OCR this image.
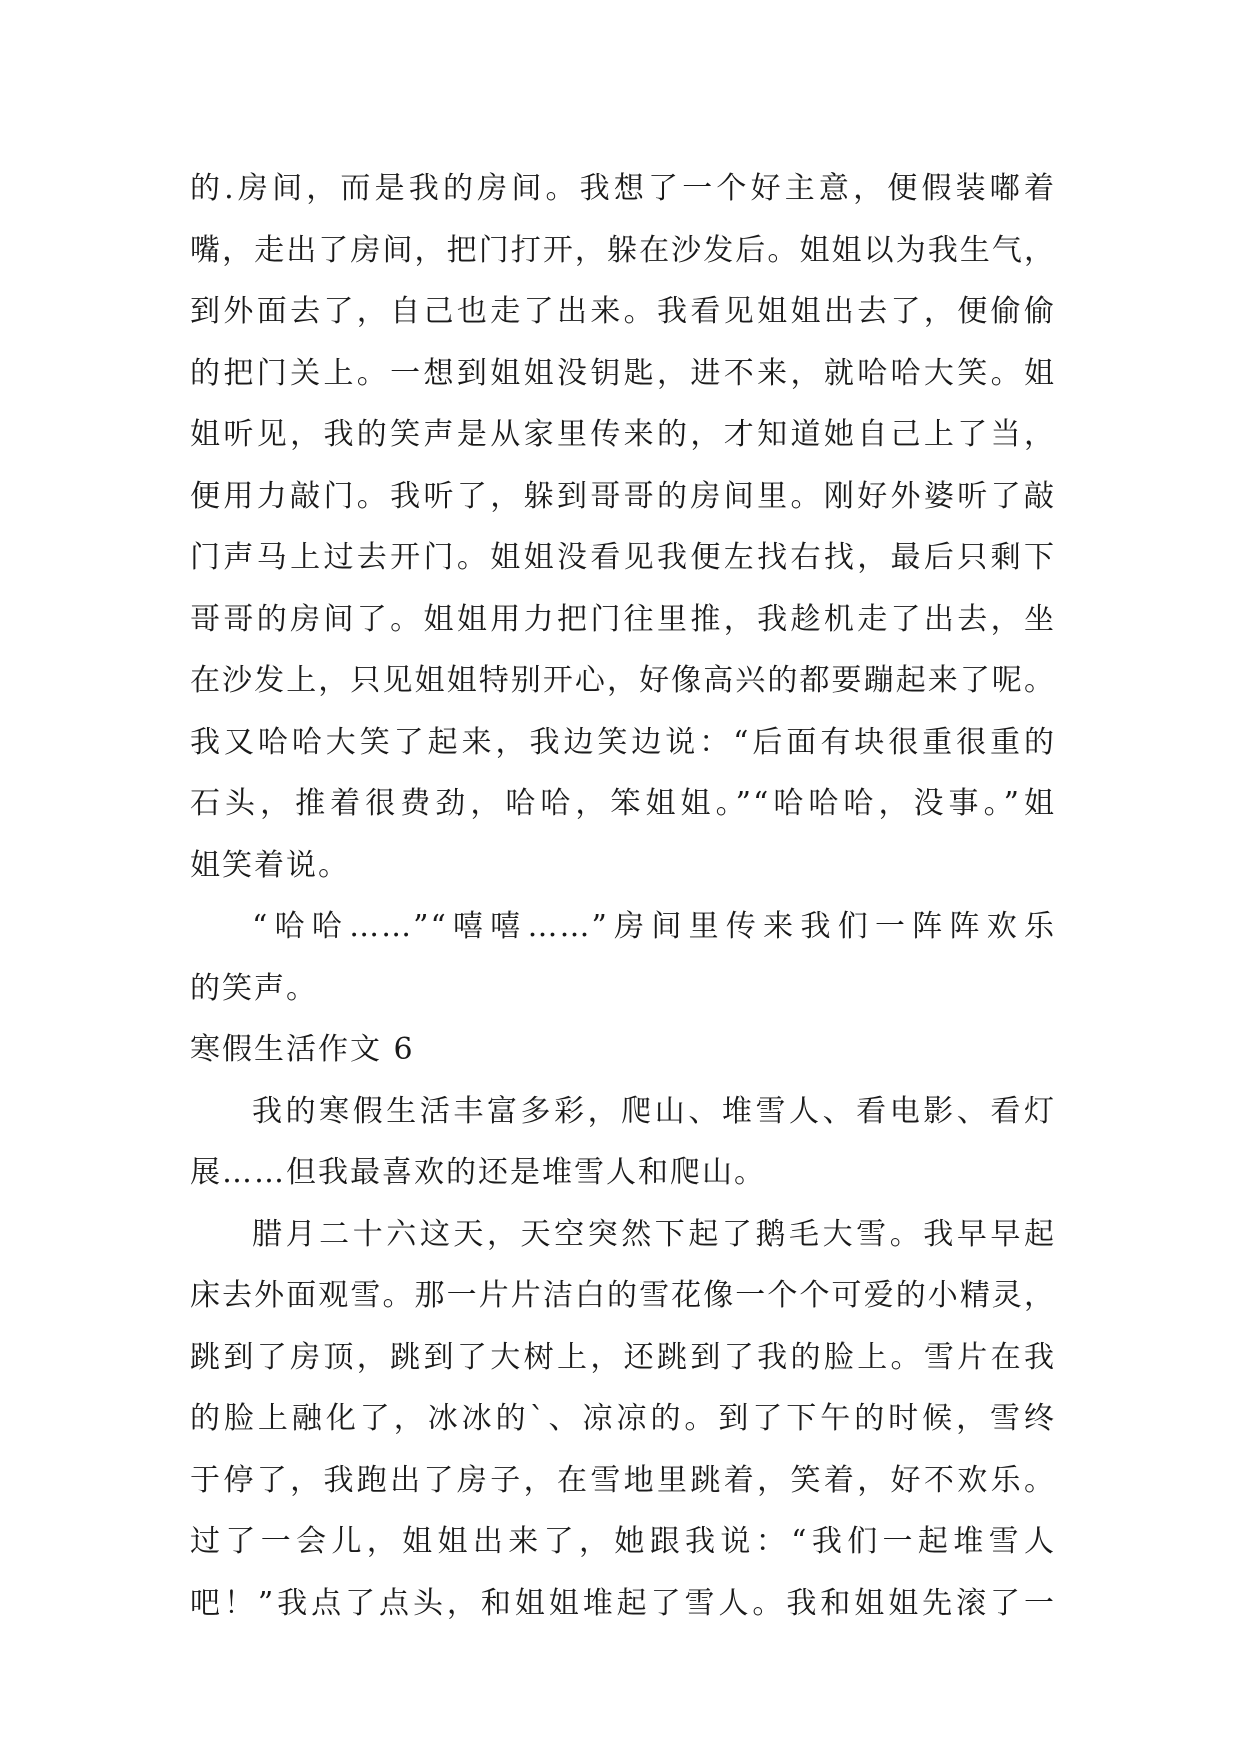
的.房间，而是我的房间。我想了一个好主意，便假装嘟着
嘴，走出了房间，把门打开，躲在沙发后。姐姐以为我生气，
到外面去了，自己也走了出来。我看见姐姐出去了，便偷偷
的把门关上。一想到姐姐没钥匙，进不来，就哈哈大笑。姐
姐听见，我的笑声是从家里传来的，才知道她自己上了当，
便用力敲门。我听了，躲到哥哥的房间里。刚好外婆听了敲
门声马上过去开门。姐姐没看见我便左找右找，最后只剩下
哥哥的房间了。姐姐用力把门往里推，我趁机走了出去，坐
在沙发上，只见姐姐特别开心，好像高兴的都要蹦起来了呢。
我又哈哈大笑了起来，我边笑边说：“后面有块很重很重的
石头，推着很费劲，哈哈，笨姐姐。”“哈哈哈，没事。”姐
姐笑着说。
“哈哈……”“嘻嘻……”房间里传来我们一阵阵欢乐
的笑声。
寒假生活作文 6
我的寒假生活丰富多彩，爬山、堆雪人、看电影、看灯
展……但我最喜欢的还是堆雪人和爬山。
腊月二十六这天，天空突然下起了鹅毛大雪。我早早起
床去外面观雪。那一片片洁白的雪花像一个个可爱的小精灵，
跳到了房顶，跳到了大树上，还跳到了我的脸上。雪片在我
的脸上融化了，冰冰的`、凉凉的。到了下午的时候，雪终
于停了，我跑出了房子，在雪地里跳着，笑着，好不欢乐。
过了一会儿，姐姐出来了，她跟我说：“我们一起堆雪人
吧！”我点了点头，和姐姐堆起了雪人。我和姐姐先滚了一
